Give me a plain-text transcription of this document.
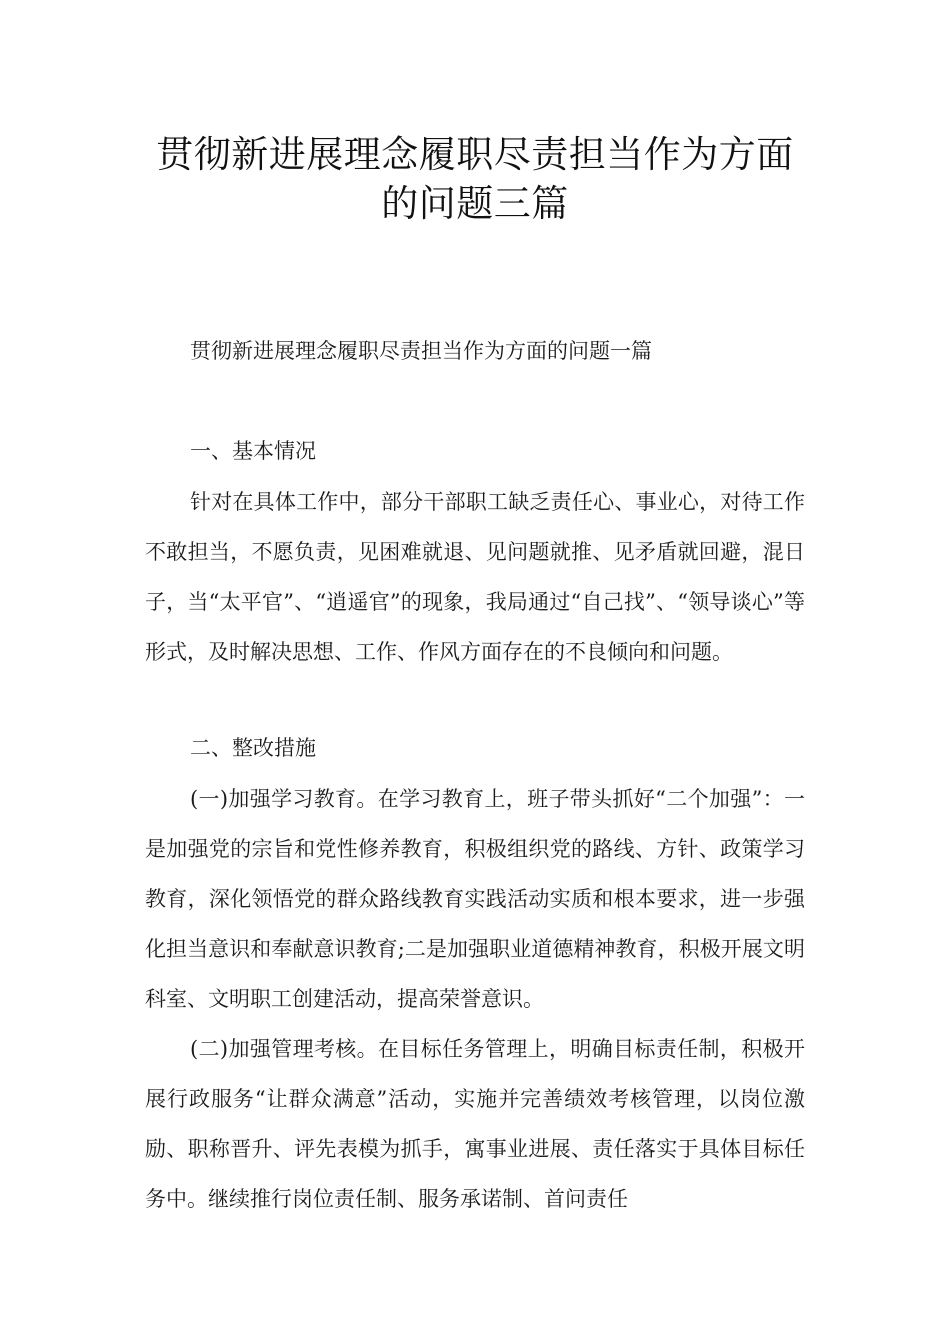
贯彻新进展理念履职尽责担当作为方面
的问题三篇
贯彻新进展理念履职尽责担当作为方面的问题一篇
一、基本情况

针对在具体工作中，部分干部职工缺乏责任心、事业心，对待工作不敢担当，不愿负责，见困难就退、见问题就推、见矛盾就回避，混日子，当“太平官”、“逍遥官”的现象，我局通过“自己找”、“领导谈心”等形式，及时解决思想、工作、作风方面存在的不良倾向和问题。

二、整改措施

(一)加强学习教育。在学习教育上，班子带头抓好“二个加强”：一是加强党的宗旨和党性修养教育，积极组织党的路线、方针、政策学习教育，深化领悟党的群众路线教育实践活动实质和根本要求，进一步强化担当意识和奉献意识教育;二是加强职业道德精神教育，积极开展文明科室、文明职工创建活动，提高荣誉意识。

(二)加强管理考核。在目标任务管理上，明确目标责任制，积极开展行政服务“让群众满意”活动，实施并完善绩效考核管理，以岗位激励、职称晋升、评先表模为抓手，寓事业进展、责任落实于具体目标任务中。继续推行岗位责任制、服务承诺制、首问责任
